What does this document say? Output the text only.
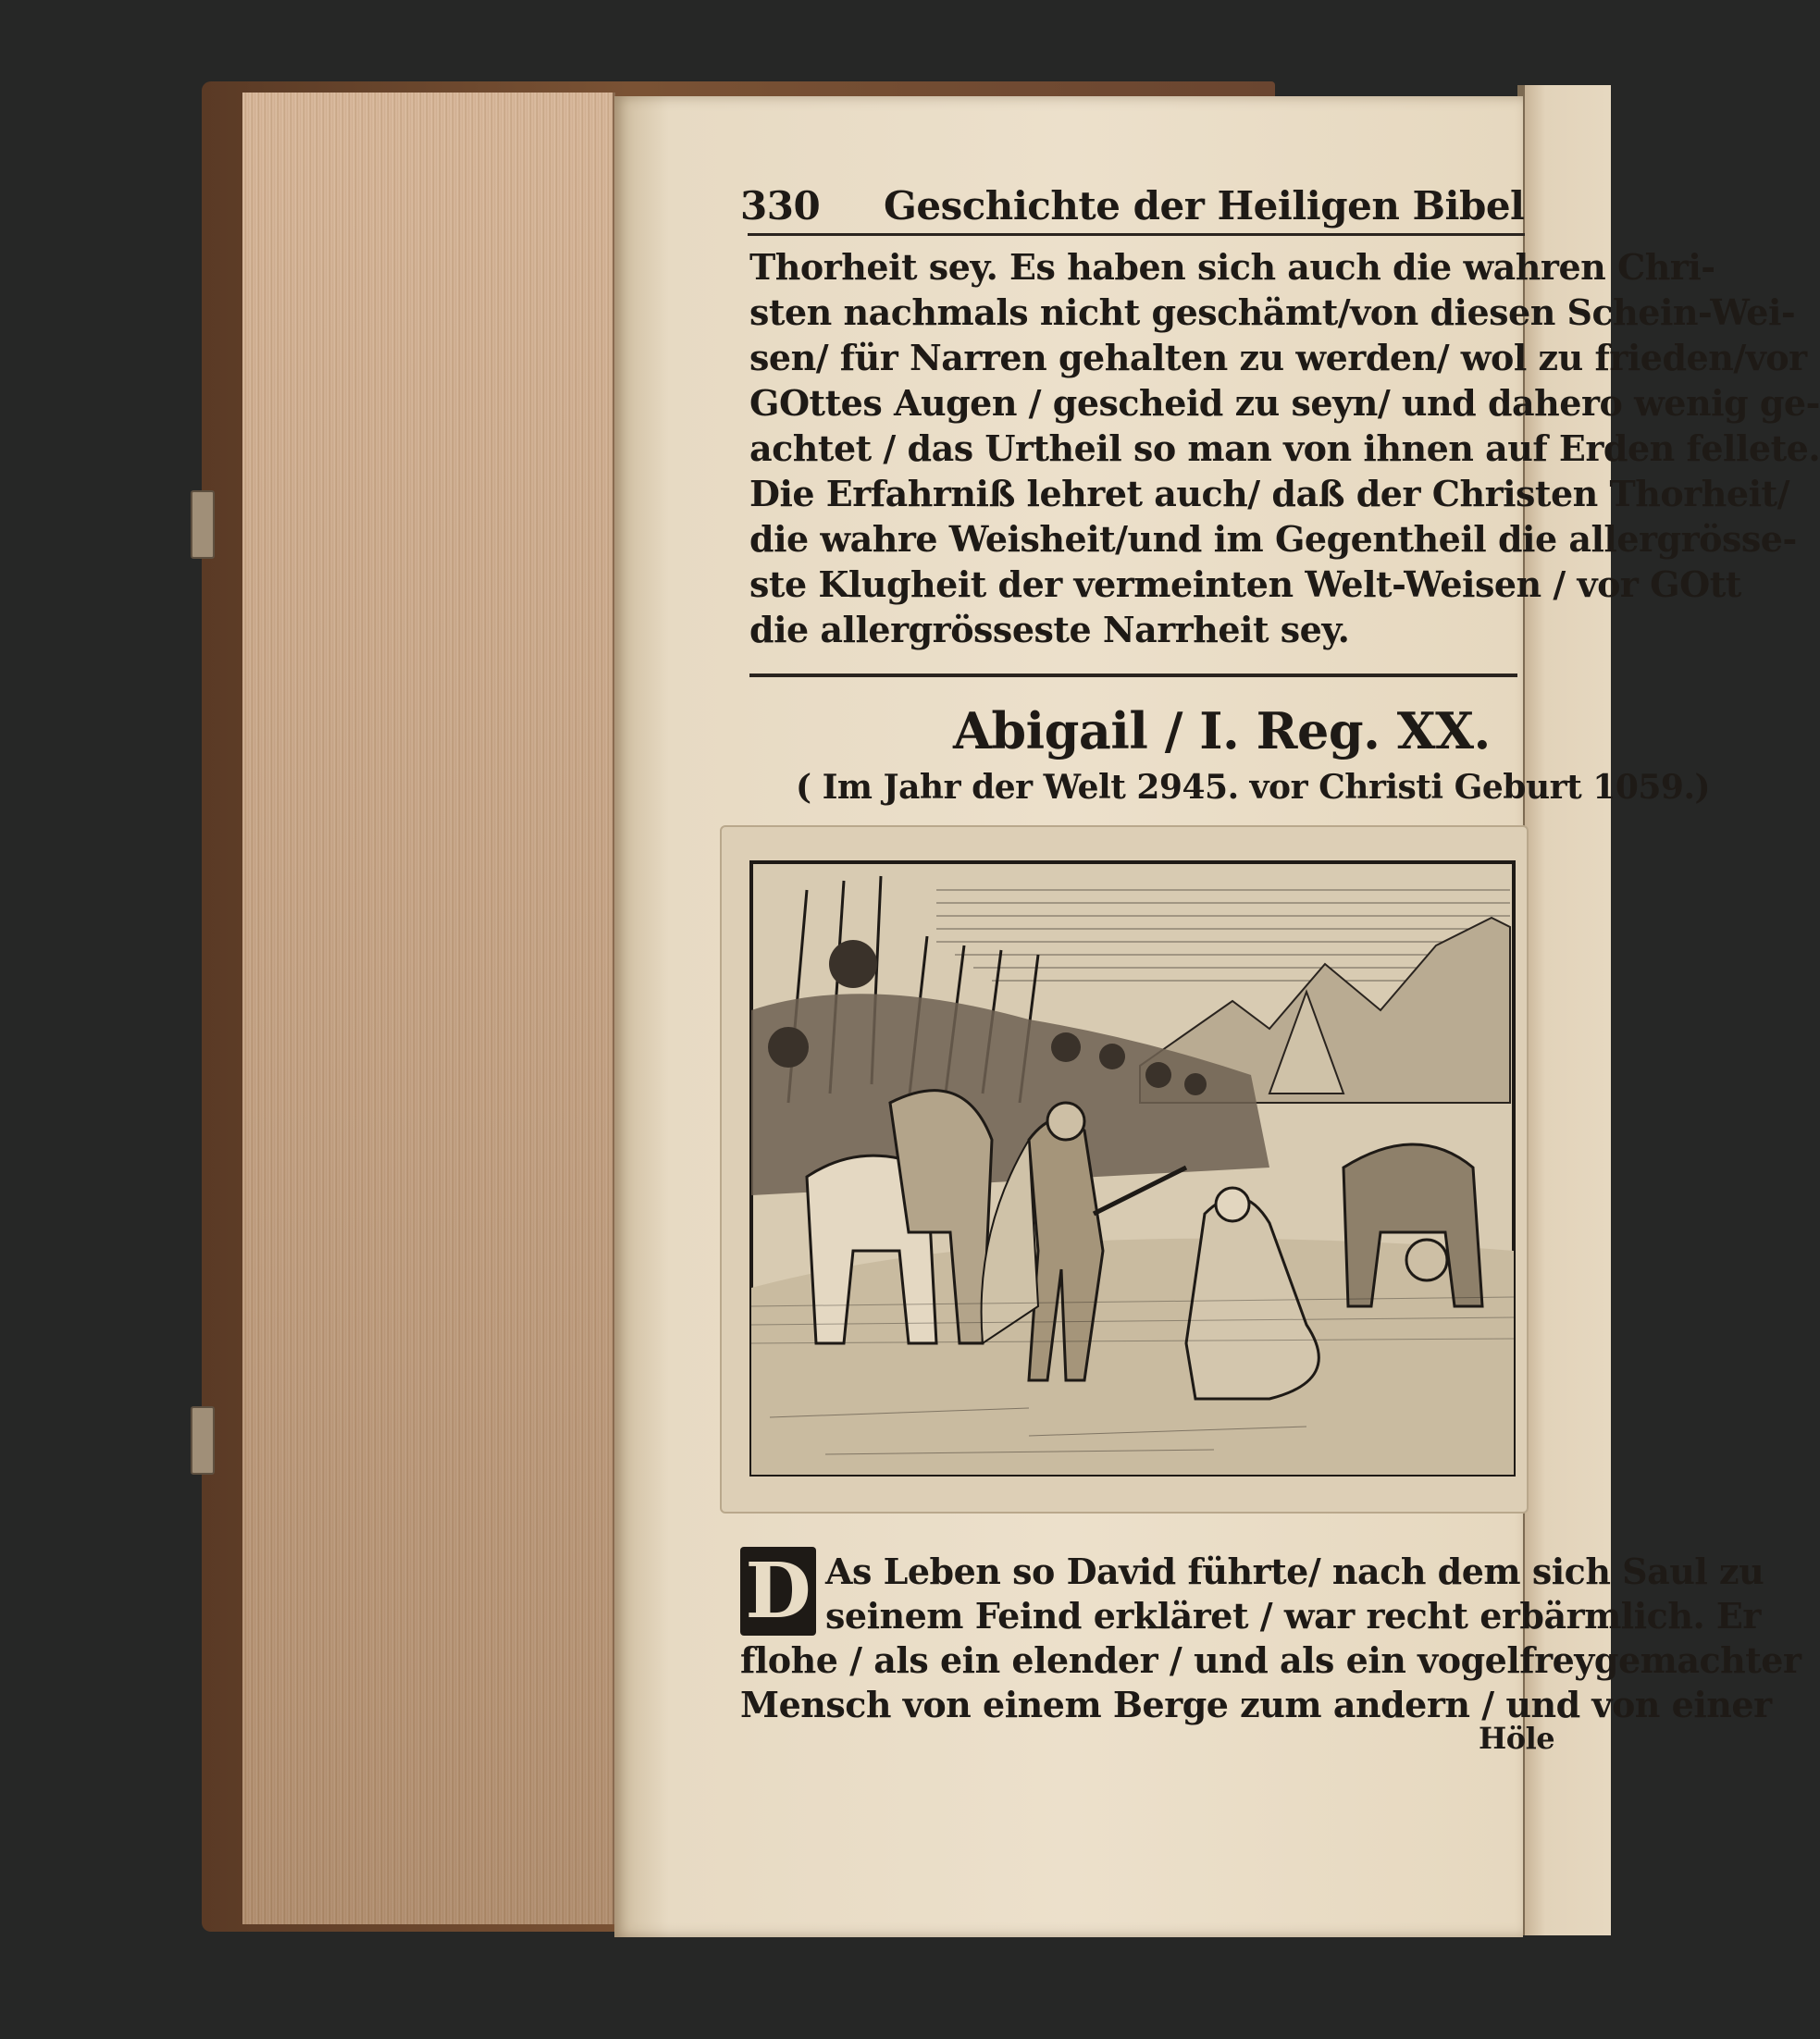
330 Geschichte der Heiligen Bibel
Thorheit sey. Es haben sich auch die wahren Chri-
sten nachmals nicht geschämt/von diesen Schein-Wei-
sen/ für Narren gehalten zu werden/ wol zu frieden/vor
GOttes Augen / gescheid zu seyn/ und dahero wenig ge-
achtet / das Urtheil so man von ihnen auf Erden fellete.
Die Erfahrniß lehret auch/ daß der Christen Thorheit/
die wahre Weisheit/und im Gegentheil die allergrösse-
ste Klugheit der vermeinten Welt-Weisen / vor GOtt
die allergrösseste Narrheit sey.
Abigail / I. Reg. XX.
( Im Jahr der Welt 2945. vor Christi Geburt 1059.)
D As Leben so David führte/ nach dem sich Saul zu
seinem Feind erkläret / war recht erbärmlich. Er
flohe / als ein elender / und als ein vogelfreygemachter
Mensch von einem Berge zum andern / und von einer
Höle
